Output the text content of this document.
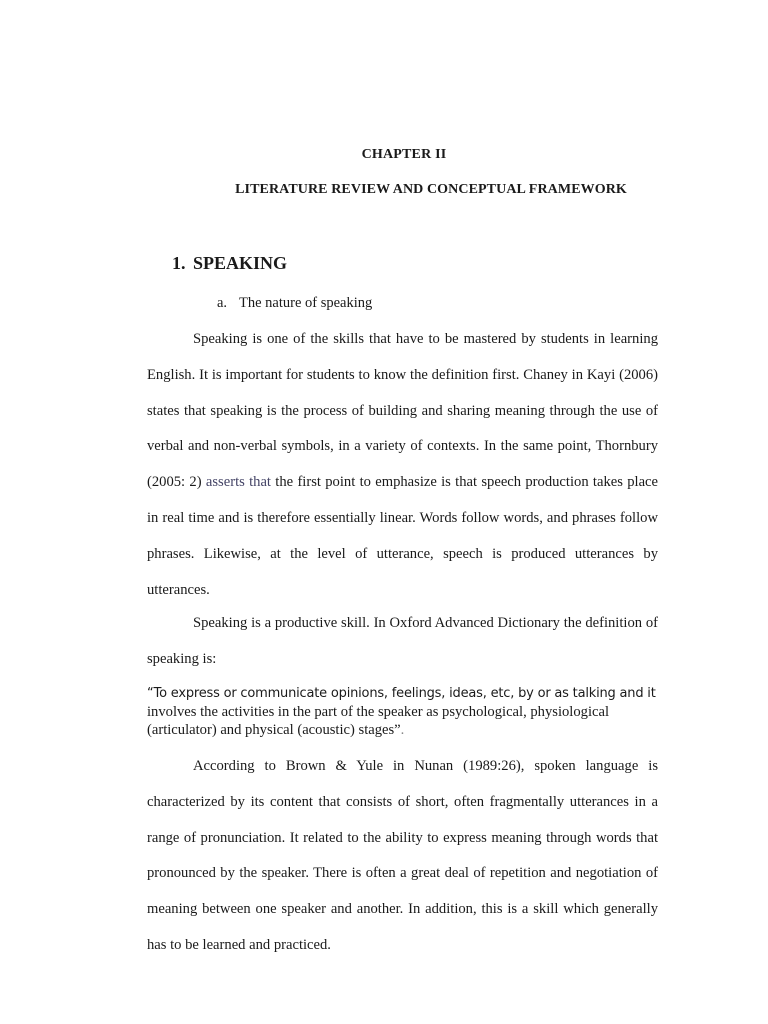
CHAPTER II
LITERATURE REVIEW AND CONCEPTUAL FRAMEWORK
1. SPEAKING
a. The nature of speaking

Speaking is one of the skills that have to be mastered by students in learning English. It is important for students to know the definition first. Chaney in Kayi (2006) states that speaking is the process of building and sharing meaning through the use of verbal and non-verbal symbols, in a variety of contexts. In the same point, Thornbury (2005: 2) asserts that the first point to emphasize is that speech production takes place in real time and is therefore essentially linear. Words follow words, and phrases follow phrases. Likewise, at the level of utterance, speech is produced utterances by utterances.

Speaking is a productive skill. In Oxford Advanced Dictionary the definition of speaking is:

“To express or communicate opinions, feelings, ideas, etc, by or as talking and it involves the activities in the part of the speaker as psychological, physiological (articulator) and physical (acoustic) stages”.

According to Brown & Yule in Nunan (1989:26), spoken language is characterized by its content that consists of short, often fragmentally utterances in a range of pronunciation. It related to the ability to express meaning through words that pronounced by the speaker. There is often a great deal of repetition and negotiation of meaning between one speaker and another. In addition, this is a skill which generally has to be learned and practiced.
